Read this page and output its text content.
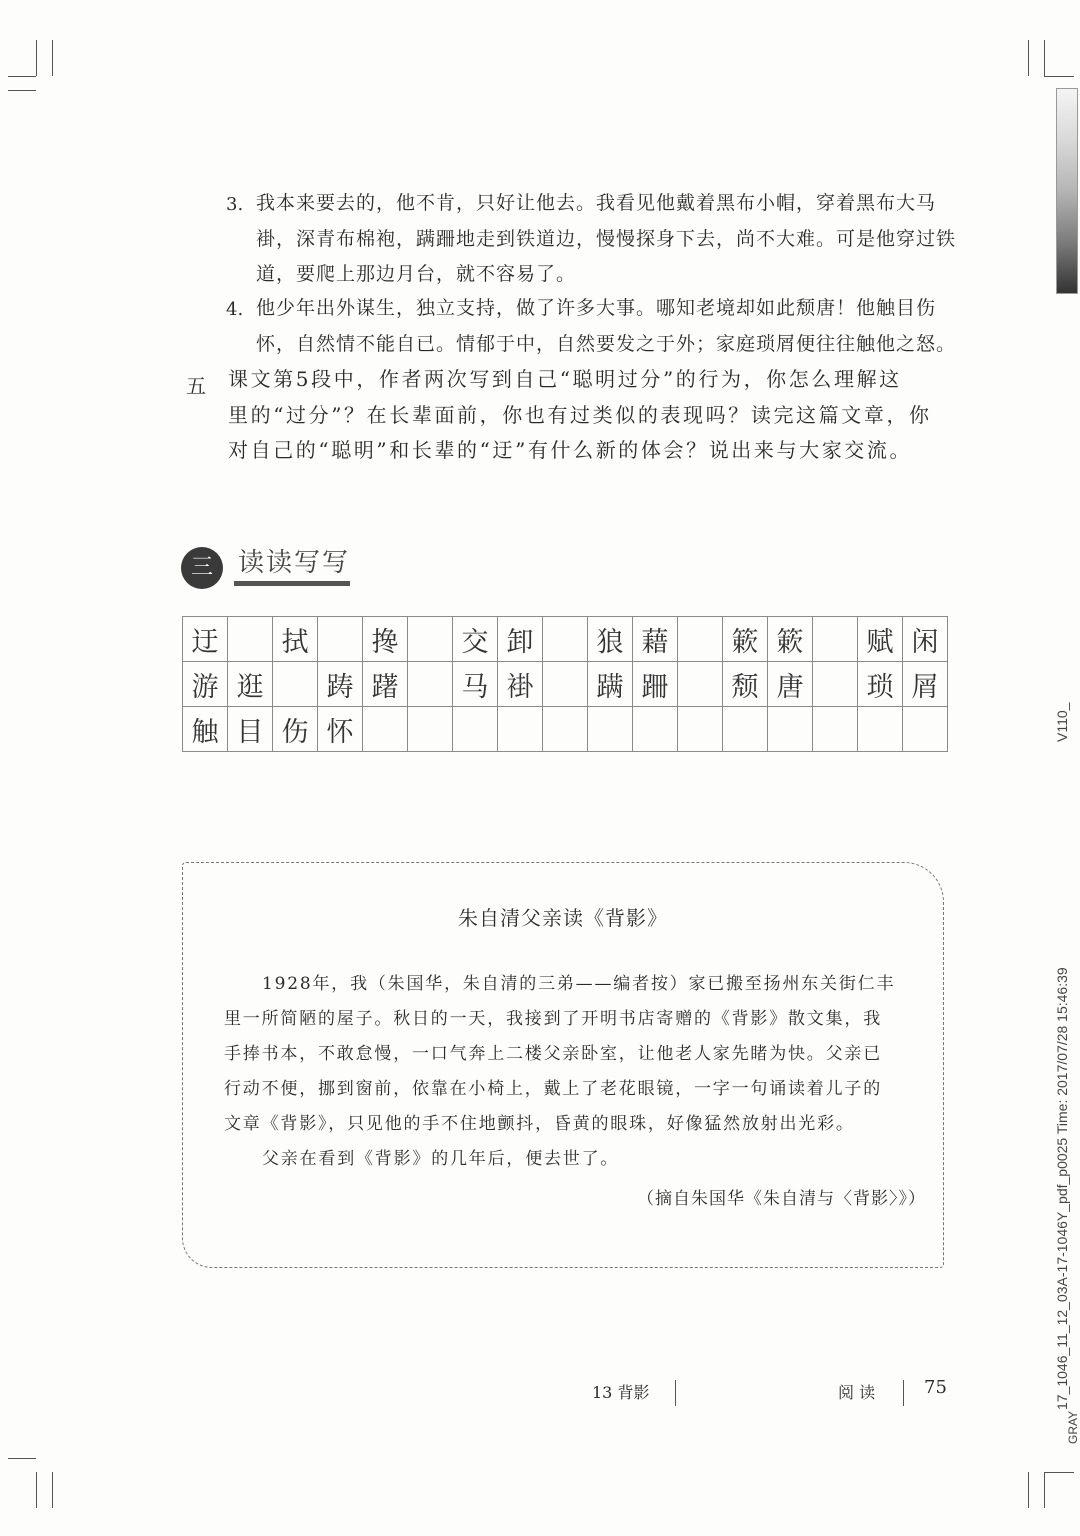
3. 我本来要去的，他不肯，只好让他去。我看见他戴着黑布小帽，穿着黑布大马
褂，深青布棉袍，蹒跚地走到铁道边，慢慢探身下去，尚不大难。可是他穿过铁
道，要爬上那边月台，就不容易了。
4. 他少年出外谋生，独立支持，做了许多大事。哪知老境却如此颓唐！他触目伤
怀，自然情不能自已。情郁于中，自然要发之于外；家庭琐屑便往往触他之怒。
五 课文第5段中，作者两次写到自己“聪明过分”的行为，你怎么理解这
里的“过分”？在长辈面前，你也有过类似的表现吗？读完这篇文章，你
对自己的“聪明”和长辈的“迂”有什么新的体会？说出来与大家交流。
三 读读写写
迂		拭		搀		交	卸		狼	藉		簌	簌		赋	闲
游	逛		踌	躇		马	褂		蹒	跚		颓	唐		琐	屑
触	目	伤	怀													
朱自清父亲读《背影》
1928年，我（朱国华，朱自清的三弟——编者按）家已搬至扬州东关街仁丰
里一所简陋的屋子。秋日的一天，我接到了开明书店寄赠的《背影》散文集，我
手捧书本，不敢怠慢，一口气奔上二楼父亲卧室，让他老人家先睹为快。父亲已
行动不便，挪到窗前，依靠在小椅上，戴上了老花眼镜，一字一句诵读着儿子的
文章《背影》，只见他的手不住地颤抖，昏黄的眼珠，好像猛然放射出光彩。
父亲在看到《背影》的几年后，便去世了。
（摘自朱国华《朱自清与〈背影〉》）
13 背影	阅 读	75
V110_
17_1046_11_12_03A-17-1046Y_pdf_p0025 Time: 2017/07/28 15:46:39
GRAY
